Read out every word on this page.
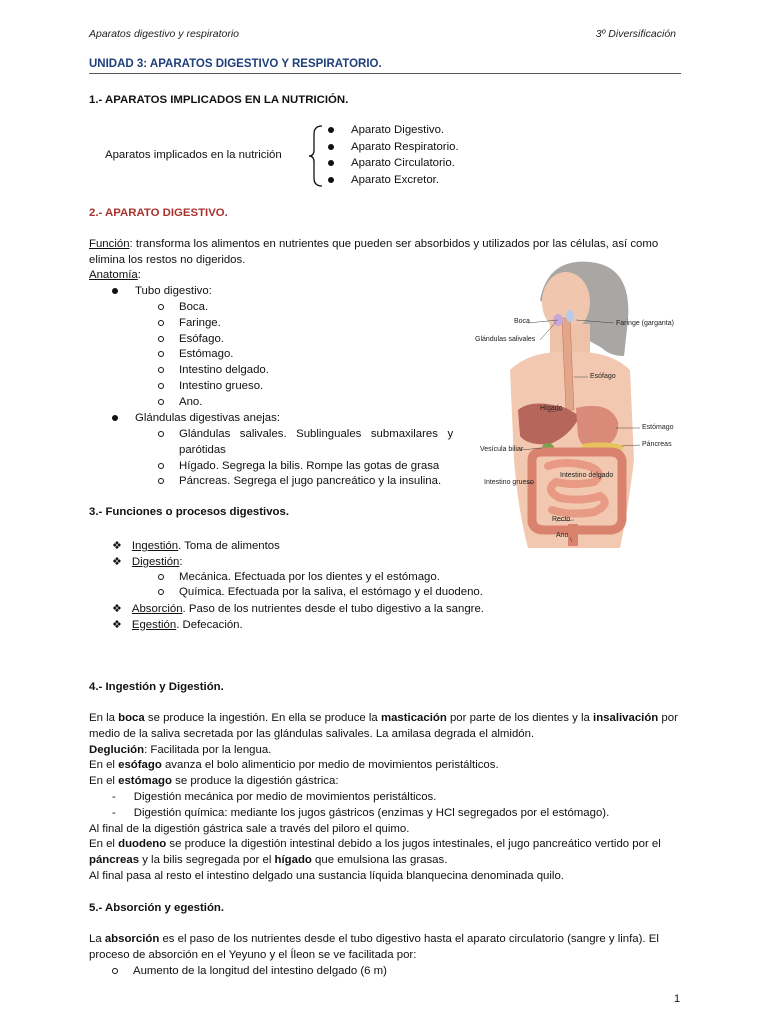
Aparatos digestivo y respiratorio	3º Diversificación
UNIDAD 3: APARATOS DIGESTIVO Y RESPIRATORIO.
1.- APARATOS IMPLICADOS EN LA NUTRICIÓN.
Aparatos implicados en la nutrición
Aparato Digestivo.
Aparato Respiratorio.
Aparato Circulatorio.
Aparato Excretor.
2.- APARATO DIGESTIVO.
Función: transforma los alimentos en nutrientes que pueden ser absorbidos y utilizados por las células, así como
elimina los restos no digeridos.
Anatomía:
Tubo digestivo:
Boca.
Faringe.
Esófago.
Estómago.
Intestino delgado.
Intestino grueso.
Ano.
Glándulas digestivas anejas:
Glándulas   salivales.   Sublinguales   submaxilares   y
parótidas
Hígado. Segrega la bilis. Rompe las gotas de grasa
Páncreas. Segrega el jugo pancreático y la insulina.
Boca
Glándulas salivales
Faringe (garganta)
Esófago
Hígado
Estómago
Páncreas
Vesícula biliar
Intestino delgado
Intestino grueso
Recto
Ano
3.- Funciones o procesos digestivos.
❖ Ingestión. Toma de alimentos
❖ Digestión:
Mecánica. Efectuada por los dientes y el estómago.
Química. Efectuada por la saliva, el estómago y el duodeno.
❖ Absorción. Paso de los nutrientes desde el tubo digestivo a la sangre.
❖ Egestión. Defecación.
4.- Ingestión y Digestión.
En la boca se produce la ingestión. En ella se produce la masticación por parte de los dientes y la insalivación por
medio de la saliva secretada por las glándulas salivales. La amilasa degrada el almidón.
Deglución: Facilitada por la lengua.
En el esófago avanza el bolo alimenticio por medio de movimientos peristálticos.
En el estómago se produce la digestión gástrica:
- Digestión mecánica por medio de movimientos peristálticos.
- Digestión química: mediante los jugos gástricos (enzimas y HCl segregados por el estómago).
Al final de la digestión gástrica sale a través del piloro el quimo.
En el duodeno se produce la digestión intestinal debido a los jugos intestinales, el jugo pancreático vertido por el
páncreas y la bilis segregada por el hígado que emulsiona las grasas.
Al final pasa al resto el intestino delgado una sustancia líquida blanquecina denominada quilo.
5.- Absorción y egestión.
La absorción es el paso de los nutrientes desde el tubo digestivo hasta el aparato circulatorio (sangre y linfa). El
proceso de absorción en el Yeyuno y el Íleon se ve facilitada por:
Aumento de la longitud del intestino delgado (6 m)
1
